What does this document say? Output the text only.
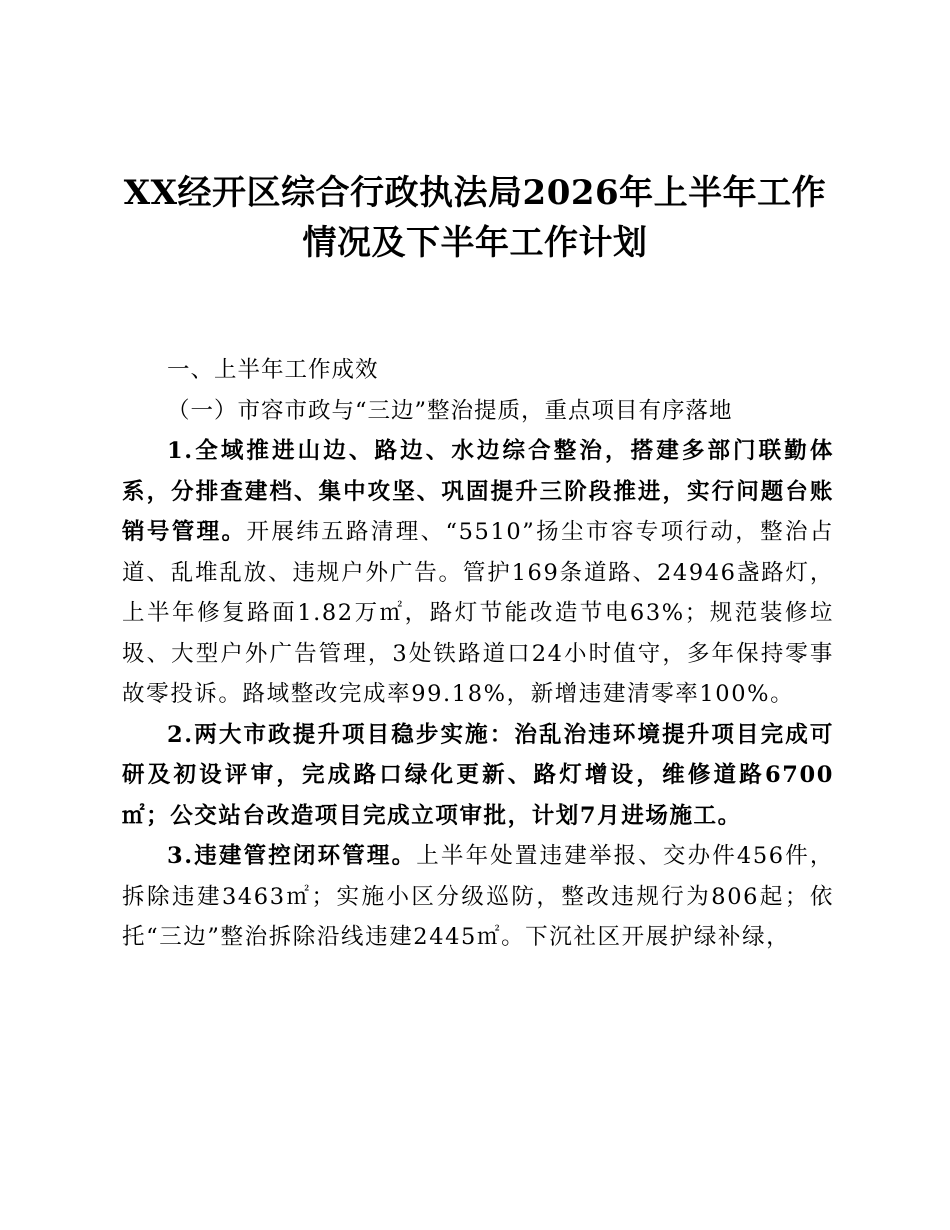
XX经开区综合行政执法局2026年上半年工作
情况及下半年工作计划

一、上半年工作成效

（一）市容市政与“三边”整治提质，重点项目有序落地

1.全域推进山边、路边、水边综合整治，搭建多部门联勤体系，分排查建档、集中攻坚、巩固提升三阶段推进，实行问题台账销号管理。开展纬五路清理、“5510”扬尘市容专项行动，整治占道、乱堆乱放、违规户外广告。管护169条道路、24946盏路灯，上半年修复路面1.82万㎡，路灯节能改造节电63%；规范装修垃圾、大型户外广告管理，3处铁路道口24小时值守，多年保持零事故零投诉。路域整改完成率99.18%，新增违建清零率100%。

2.两大市政提升项目稳步实施：治乱治违环境提升项目完成可研及初设评审，完成路口绿化更新、路灯增设，维修道路6700㎡；公交站台改造项目完成立项审批，计划7月进场施工。

3.违建管控闭环管理。上半年处置违建举报、交办件456件，拆除违建3463㎡；实施小区分级巡防，整改违规行为806起；依托“三边”整治拆除沿线违建2445㎡。下沉社区开展护绿补绿，
